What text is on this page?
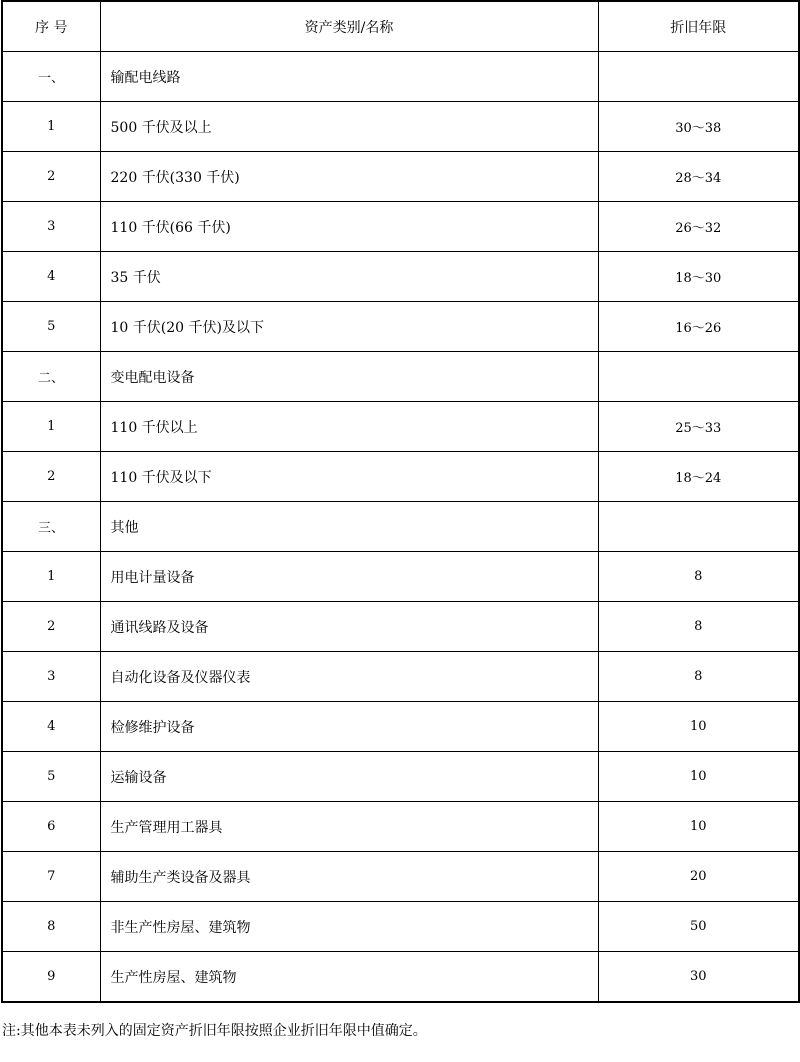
序 号	资产类别/名称	折旧年限
一、	输配电线路	
1	500 千伏及以上	30～38
2	220 千伏(330 千伏)	28～34
3	110 千伏(66 千伏)	26～32
4	35 千伏	18～30
5	10 千伏(20 千伏)及以下	16～26
二、	变电配电设备	
1	110 千伏以上	25～33
2	110 千伏及以下	18～24
三、	其他	
1	用电计量设备	8
2	通讯线路及设备	8
3	自动化设备及仪器仪表	8
4	检修维护设备	10
5	运输设备	10
6	生产管理用工器具	10
7	辅助生产类设备及器具	20
8	非生产性房屋、建筑物	50
9	生产性房屋、建筑物	30
注:其他本表未列入的固定资产折旧年限按照企业折旧年限中值确定。
